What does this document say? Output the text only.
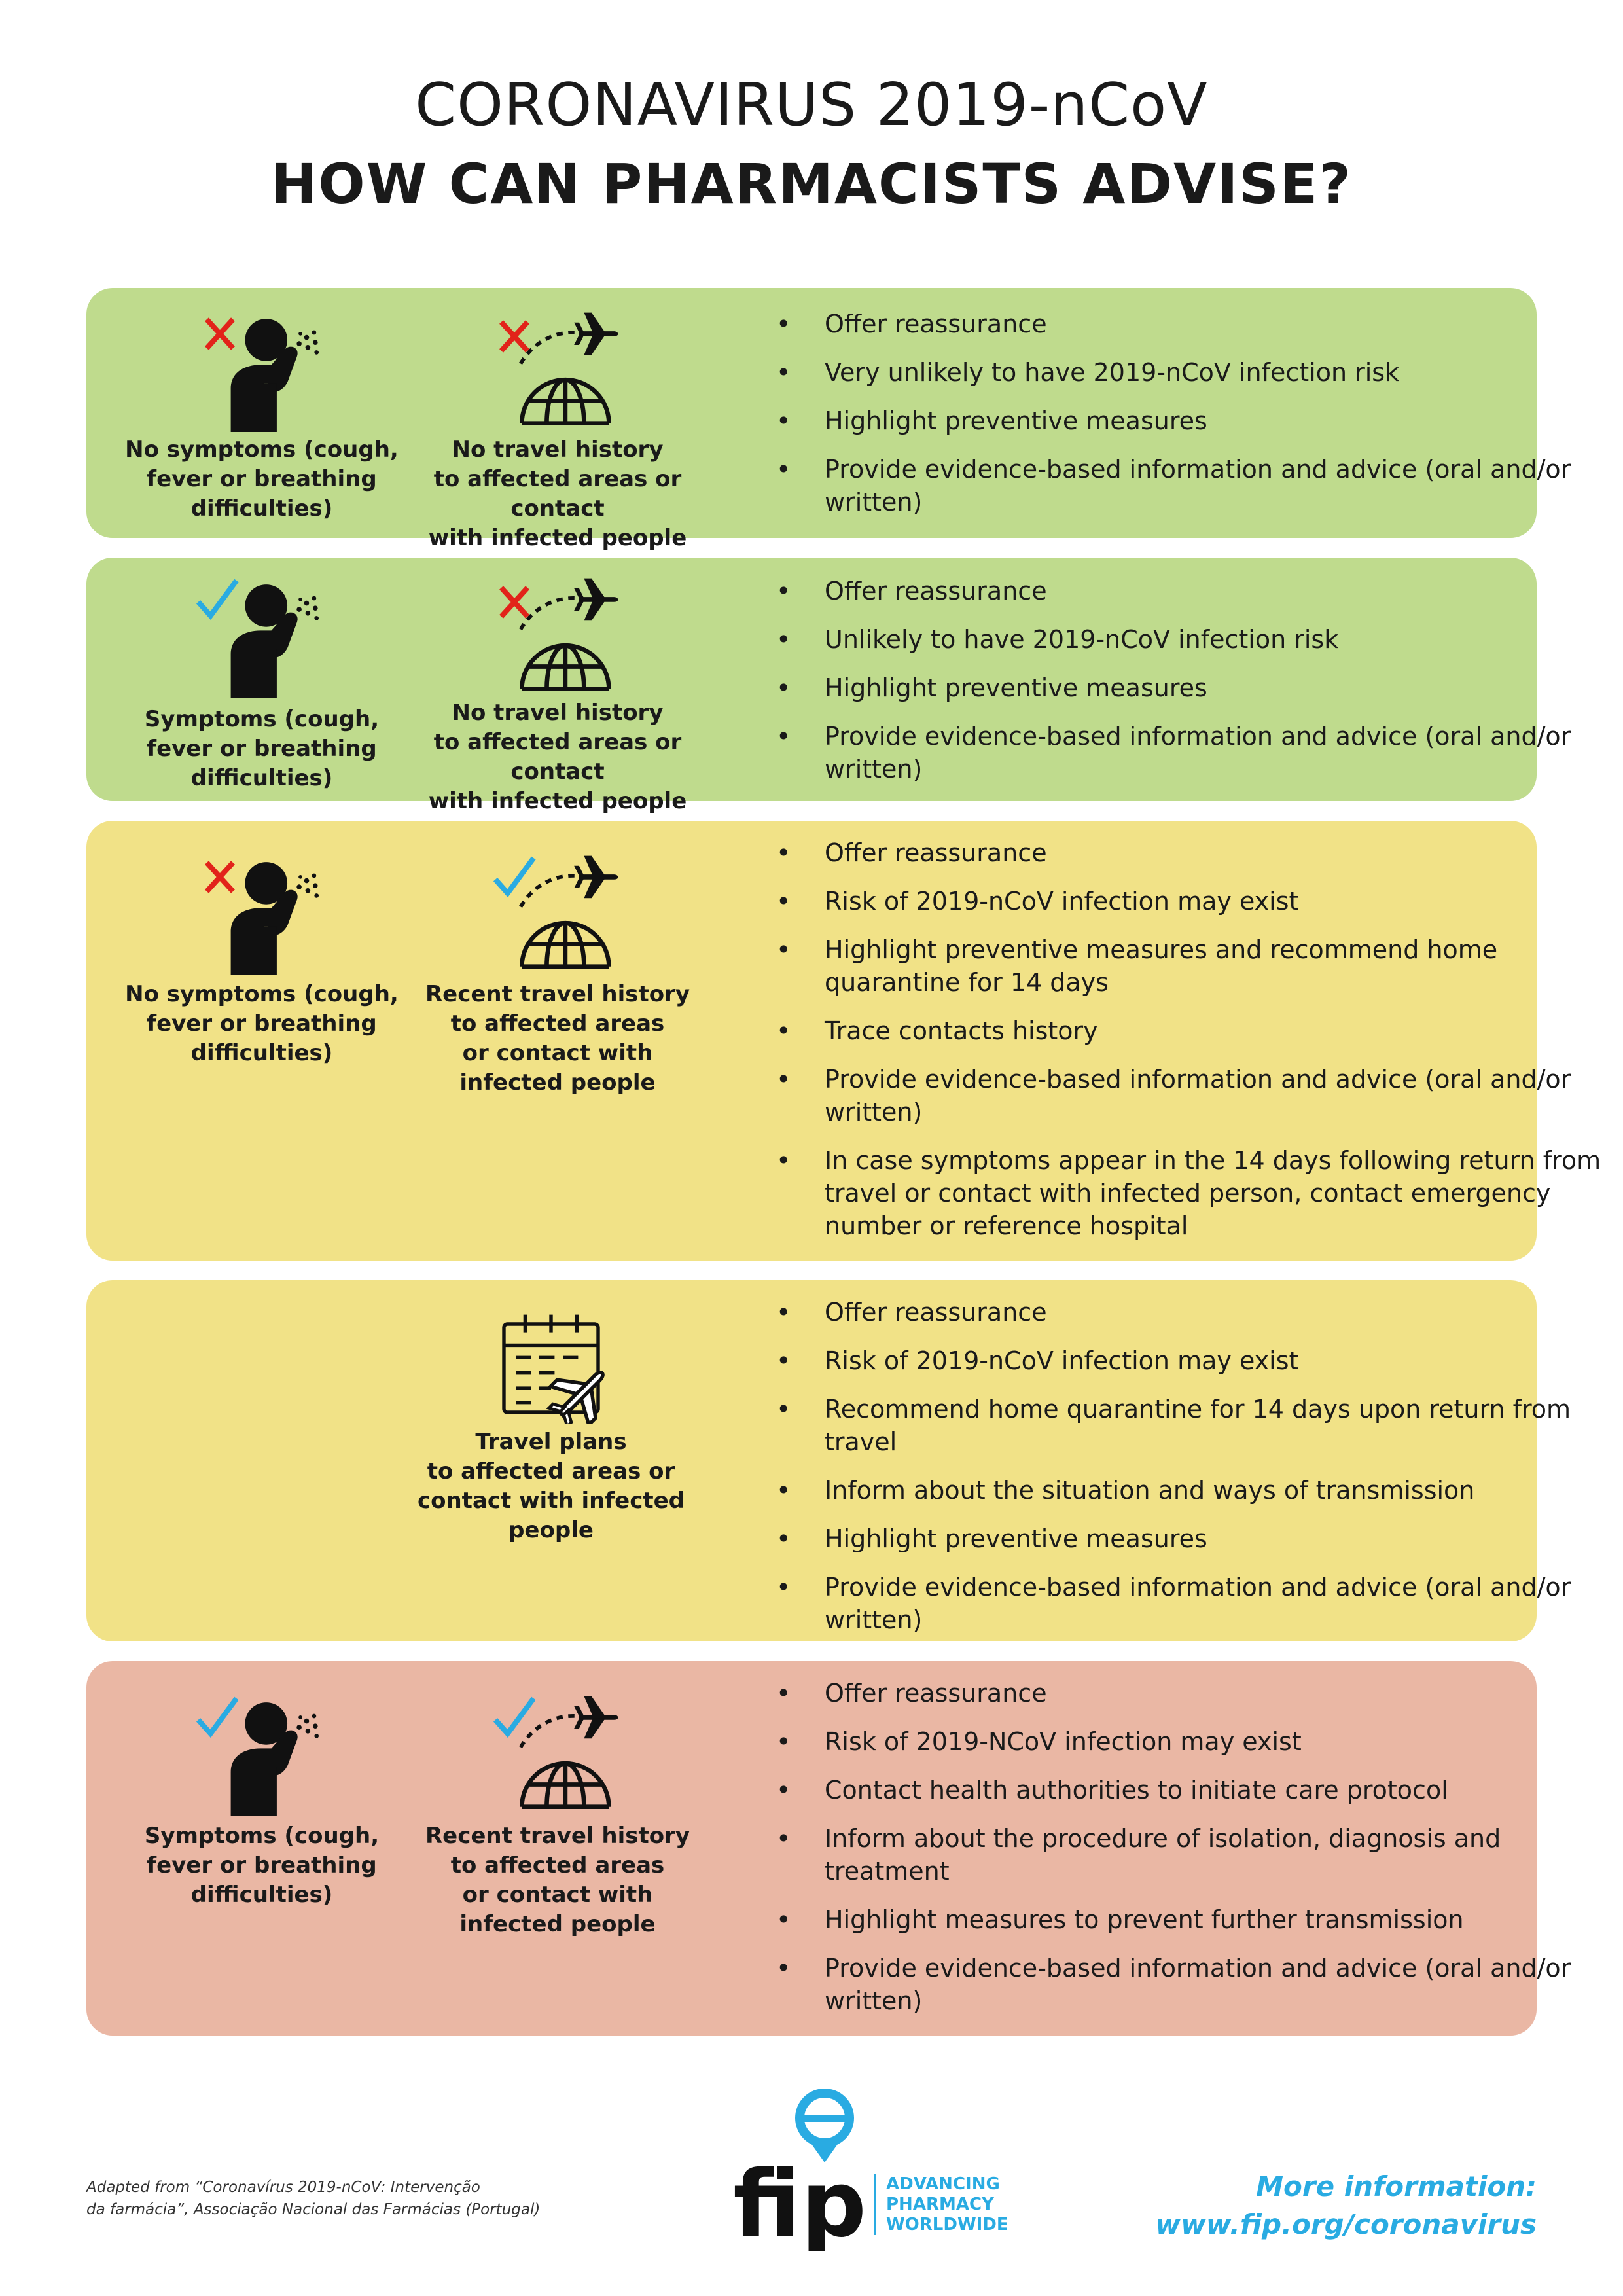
CORONAVIRUS 2019-nCoV
HOW CAN PHARMACISTS ADVISE?
No symptoms (cough,
fever or breathing
difficulties)
No travel history
to affected areas or contact
with infected people
• Offer reassurance
• Very unlikely to have 2019-nCoV infection risk
• Highlight preventive measures
• Provide evidence-based information and advice (oral and/or written)
Symptoms (cough,
fever or breathing
difficulties)
No travel history
to affected areas or contact
with infected people
• Offer reassurance
• Unlikely to have 2019-nCoV infection risk
• Highlight preventive measures
• Provide evidence-based information and advice (oral and/or written)
No symptoms (cough,
fever or breathing
difficulties)
Recent travel history
to affected areas
or contact with
infected people
• Offer reassurance
• Risk of 2019-nCoV infection may exist
• Highlight preventive measures and recommend home quarantine for 14 days
• Trace contacts history
• Provide evidence-based information and advice (oral and/or written)
• In case symptoms appear in the 14 days following return from travel or contact with infected person, contact emergency number or reference hospital
Travel plans
to affected areas or
contact with infected
people
• Offer reassurance
• Risk of 2019-nCoV infection may exist
• Recommend home quarantine for 14 days upon return from travel
• Inform about the situation and ways of transmission
• Highlight preventive measures
• Provide evidence-based information and advice (oral and/or written)
Symptoms (cough,
fever or breathing
difficulties)
Recent travel history
to affected areas
or contact with
infected people
• Offer reassurance
• Risk of 2019-NCoV infection may exist
• Contact health authorities to initiate care protocol
• Inform about the procedure of isolation, diagnosis and treatment
• Highlight measures to prevent further transmission
• Provide evidence-based information and advice (oral and/or written)
Adapted from “Coronavírus 2019-nCoV: Intervenção
da farmácia”, Associação Nacional das Farmácias (Portugal) fip ADVANCING
PHARMACY
WORLDWIDE
More information:
www.fip.org/coronavirus
